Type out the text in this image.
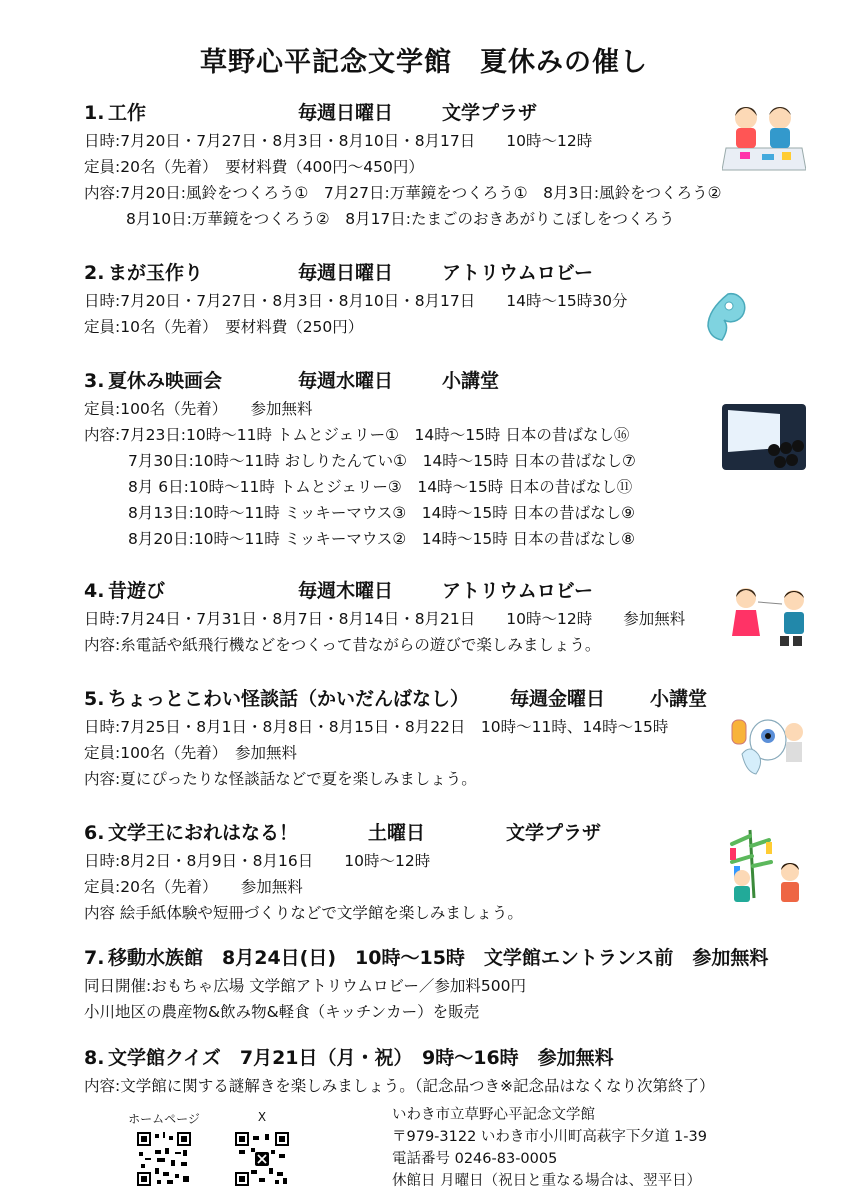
草野心平記念文学館　夏休みの催し
1. 工作	毎週日曜日	文学プラザ
日時:7月20日・7月27日・8月3日・8月10日・8月17日　　10時～12時
定員:20名（先着）　要材料費（400円～450円）
内容:7月20日:風鈴をつくろう①　7月27日:万華鏡をつくろう①　8月3日:風鈴をつくろう②
8月10日:万華鏡をつくろう②　8月17日:たまごのおきあがりこぼしをつくろう
2. まが玉作り	毎週日曜日	アトリウムロビー
日時:7月20日・7月27日・8月3日・8月10日・8月17日　　14時～15時30分
定員:10名（先着）　要材料費（250円）
3. 夏休み映画会	毎週水曜日	小講堂
定員:100名（先着）　　参加無料
内容:7月23日:10時～11時 トムとジェリー①　14時～15時 日本の昔ばなし⑯
7月30日:10時～11時 おしりたんてい①　14時～15時 日本の昔ばなし⑦
8月 6日:10時～11時 トムとジェリー③　14時～15時 日本の昔ばなし⑪
8月13日:10時～11時 ミッキーマウス③　14時～15時 日本の昔ばなし⑨
8月20日:10時～11時 ミッキーマウス②　14時～15時 日本の昔ばなし⑧
4. 昔遊び	毎週木曜日	アトリウムロビー
日時:7月24日・7月31日・8月7日・8月14日・8月21日　　10時～12時　　参加無料
内容:糸電話や紙飛行機などをつくって昔ながらの遊びで楽しみましょう。
5. ちょっとこわい怪談話（かいだんばなし） 毎週金曜日 小講堂
日時:7月25日・8月1日・8月8日・8月15日・8月22日　10時～11時、14時～15時
定員:100名（先着）　参加無料
内容:夏にぴったりな怪談話などで夏を楽しみましょう。
6. 文学王におれはなる！	土曜日	文学プラザ
日時:8月2日・8月9日・8月16日　　10時～12時
定員:20名（先着）　　参加無料
内容 絵手紙体験や短冊づくりなどで文学館を楽しみましょう。
7. 移動水族館　8月24日(日)　10時～15時　文学館エントランス前　参加無料
同日開催:おもちゃ広場 文学館アトリウムロビー／参加料500円
小川地区の農産物&飲み物&軽食（キッチンカー）を販売
8. 文学館クイズ　7月21日（月・祝）　9時～16時　参加無料
内容:文学館に関する謎解きを楽しみましょう。（記念品つき※記念品はなくなり次第終了）
ホームページ	X	いわき市立草野心平記念文学館
〒979-3122 いわき市小川町高萩字下夕道 1-39
電話番号 0246-83-0005
休館日 月曜日（祝日と重なる場合は、翌平日）
